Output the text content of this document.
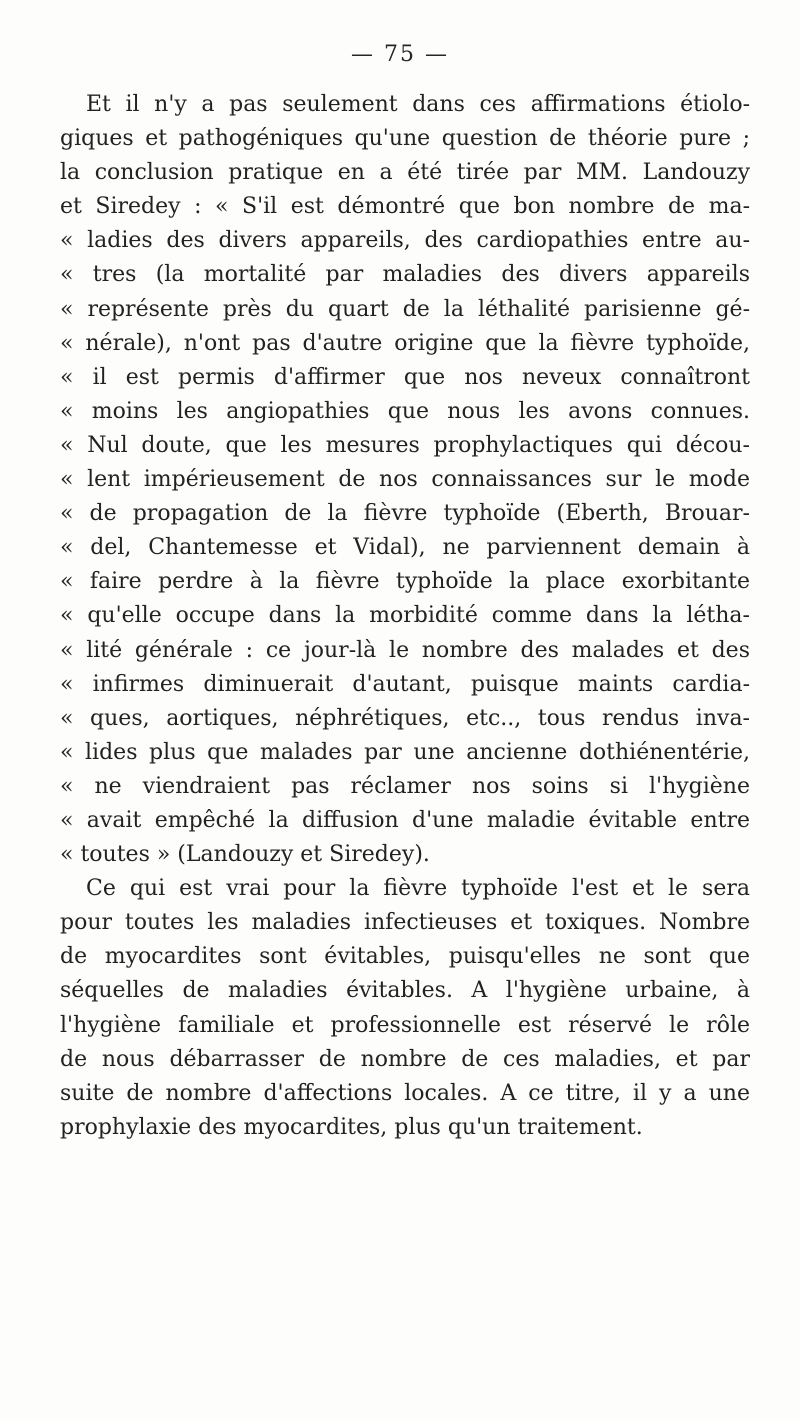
— 75 —
Et il n'y a pas seulement dans ces affirmations étiolo-
giques et pathogéniques qu'une question de théorie pure ;
la conclusion pratique en a été tirée par MM. Landouzy
et Siredey : « S'il est démontré que bon nombre de ma-
« ladies des divers appareils, des cardiopathies entre au-
« tres (la mortalité par maladies des divers appareils
« représente près du quart de la léthalité parisienne gé-
« nérale), n'ont pas d'autre origine que la fièvre typhoïde,
« il est permis d'affirmer que nos neveux connaîtront
« moins les angiopathies que nous les avons connues.
« Nul doute, que les mesures prophylactiques qui décou-
« lent impérieusement de nos connaissances sur le mode
« de propagation de la fièvre typhoïde (Eberth, Brouar-
« del, Chantemesse et Vidal), ne parviennent demain à
« faire perdre à la fièvre typhoïde la place exorbitante
« qu'elle occupe dans la morbidité comme dans la létha-
« lité générale : ce jour-là le nombre des malades et des
« infirmes diminuerait d'autant, puisque maints cardia-
« ques, aortiques, néphrétiques, etc.., tous rendus inva-
« lides plus que malades par une ancienne dothiénentérie,
« ne viendraient pas réclamer nos soins si l'hygiène
« avait empêché la diffusion d'une maladie évitable entre
« toutes » (Landouzy et Siredey).
Ce qui est vrai pour la fièvre typhoïde l'est et le sera
pour toutes les maladies infectieuses et toxiques. Nombre
de myocardites sont évitables, puisqu'elles ne sont que
séquelles de maladies évitables. A l'hygiène urbaine, à
l'hygiène familiale et professionnelle est réservé le rôle
de nous débarrasser de nombre de ces maladies, et par
suite de nombre d'affections locales. A ce titre, il y a une
prophylaxie des myocardites, plus qu'un traitement.
